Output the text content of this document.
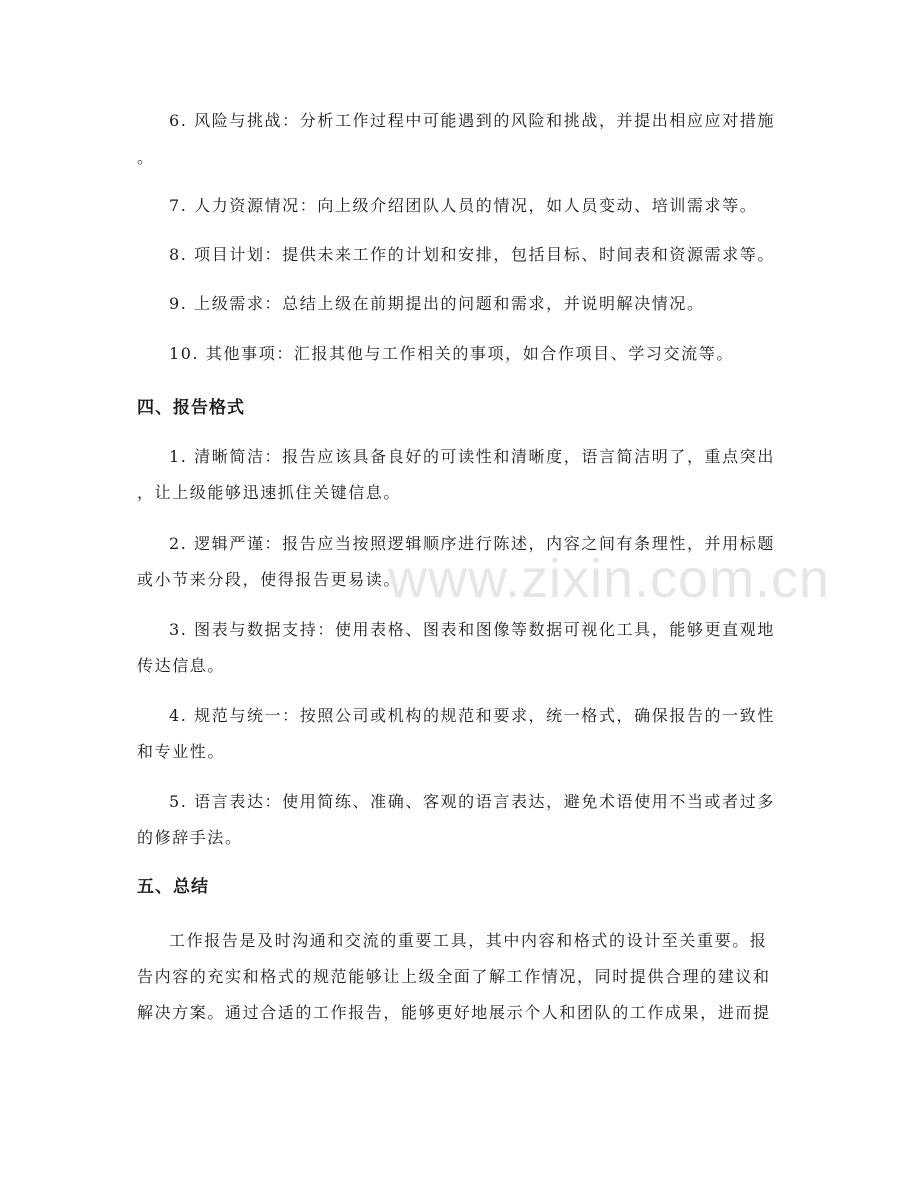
www.zixin.com.cn
6. 风险与挑战：分析工作过程中可能遇到的风险和挑战，并提出相应应对措施
。
7. 人力资源情况：向上级介绍团队人员的情况，如人员变动、培训需求等。
8. 项目计划：提供未来工作的计划和安排，包括目标、时间表和资源需求等。
9. 上级需求：总结上级在前期提出的问题和需求，并说明解决情况。
10. 其他事项：汇报其他与工作相关的事项，如合作项目、学习交流等。
四、报告格式
1. 清晰简洁：报告应该具备良好的可读性和清晰度，语言简洁明了，重点突出
，让上级能够迅速抓住关键信息。
2. 逻辑严谨：报告应当按照逻辑顺序进行陈述，内容之间有条理性，并用标题
或小节来分段，使得报告更易读。
3. 图表与数据支持：使用表格、图表和图像等数据可视化工具，能够更直观地
传达信息。
4. 规范与统一：按照公司或机构的规范和要求，统一格式，确保报告的一致性
和专业性。
5. 语言表达：使用简练、准确、客观的语言表达，避免术语使用不当或者过多
的修辞手法。
五、总结
工作报告是及时沟通和交流的重要工具，其中内容和格式的设计至关重要。报
告内容的充实和格式的规范能够让上级全面了解工作情况，同时提供合理的建议和
解决方案。通过合适的工作报告，能够更好地展示个人和团队的工作成果，进而提
